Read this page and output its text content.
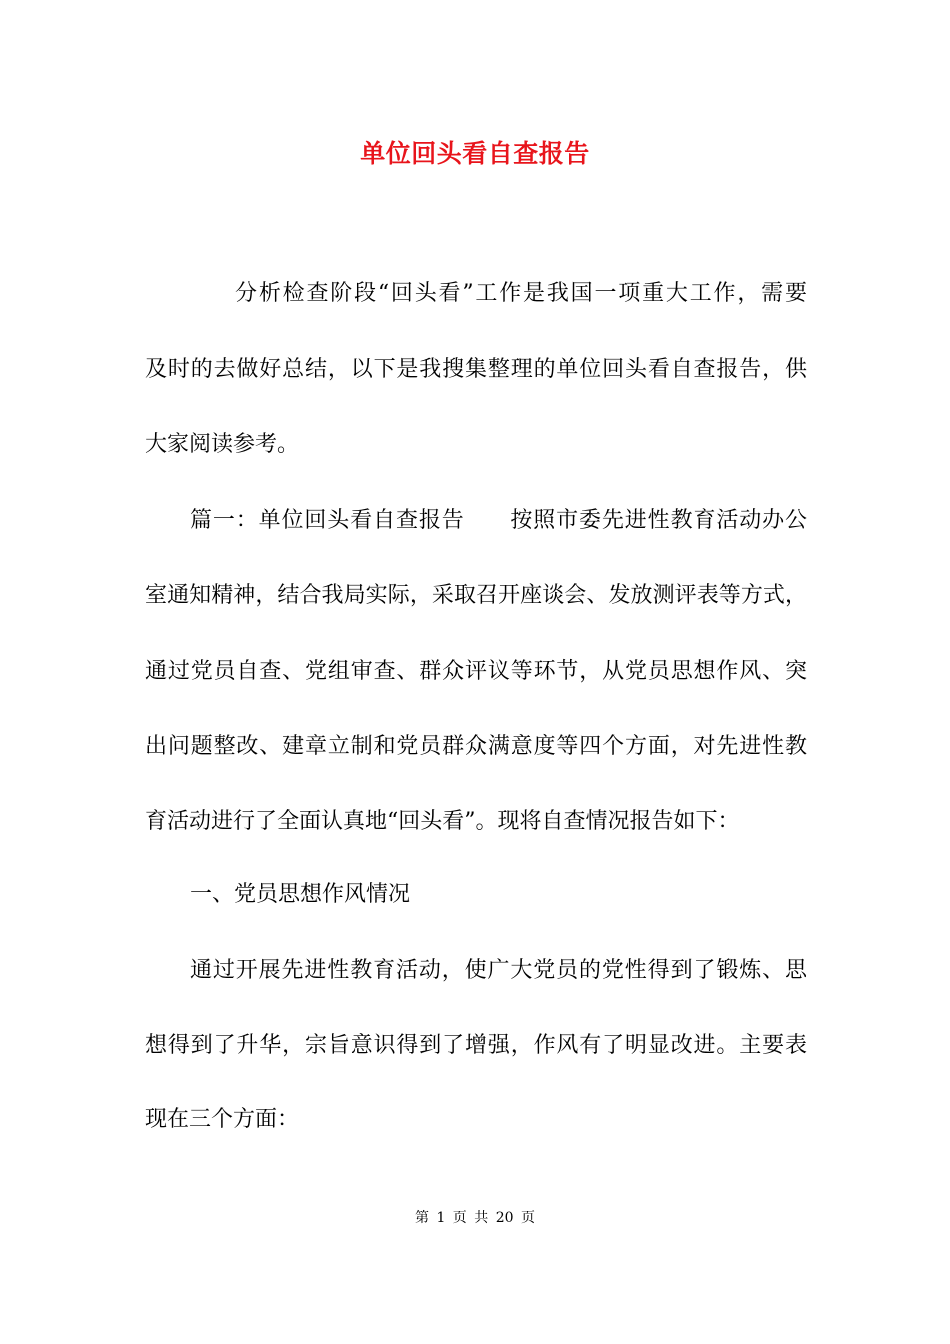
单位回头看自查报告
分析检查阶段“回头看”工作是我国一项重大工作，需要
及时的去做好总结，以下是我搜集整理的单位回头看自查报告，供
大家阅读参考。
篇一：单位回头看自查报告　　按照市委先进性教育活动办公
室通知精神，结合我局实际，采取召开座谈会、发放测评表等方式，
通过党员自查、党组审查、群众评议等环节，从党员思想作风、突
出问题整改、建章立制和党员群众满意度等四个方面，对先进性教
育活动进行了全面认真地“回头看”。现将自查情况报告如下：
一、党员思想作风情况
通过开展先进性教育活动，使广大党员的党性得到了锻炼、思
想得到了升华，宗旨意识得到了增强，作风有了明显改进。主要表
现在三个方面：
第 1 页 共 20 页
